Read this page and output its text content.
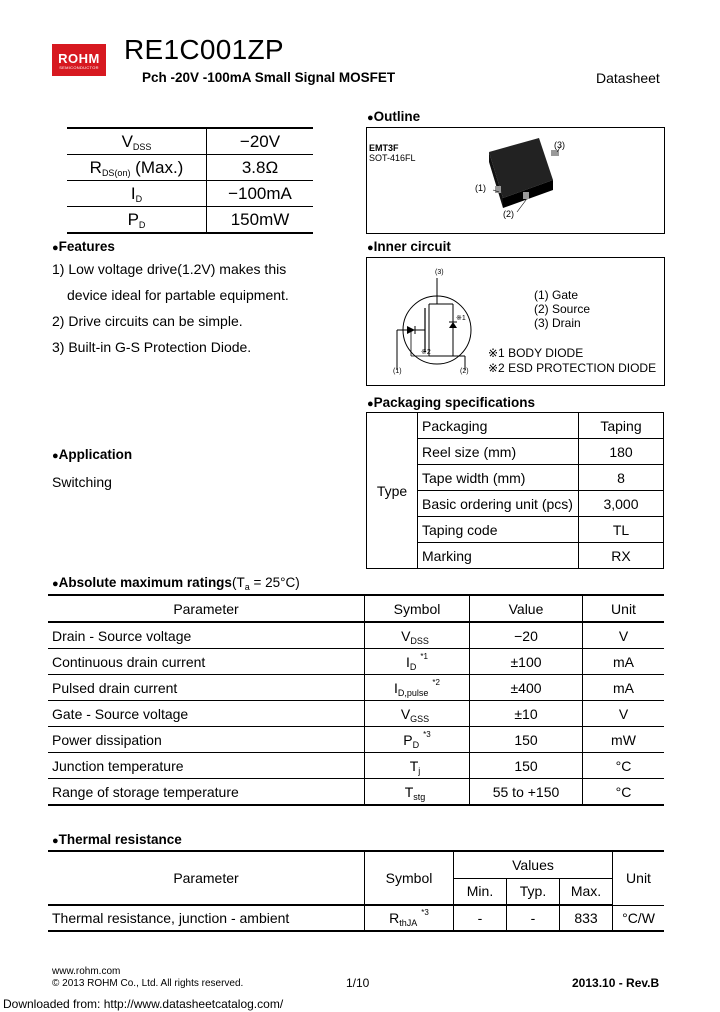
ROHM
SEMICONDUCTOR
RE1C001ZP
Pch -20V -100mA Small Signal MOSFET	Datasheet
$V_{DSS}$	−20V
$R_{DS(on)}$ (Max.)	3.8Ω
$I_D$	−100mA
$P_D$	150mW
●Features
1) Low voltage drive(1.2V) makes this
device ideal for partable equipment.
2) Drive circuits can be simple.
3) Built-in G-S Protection Diode.
●Application
Switching
●Outline
EMT3F
SOT-416FL
(3)
(1)
(2)
●Inner circuit
(3)
(1)	(2)
※1
※2
(1) Gate
(2) Source
(3) Drain
※1 BODY DIODE
※2 ESD PROTECTION DIODE
●Packaging specifications
Type	Packaging	Taping
	Reel size (mm)	180
	Tape width (mm)	8
	Basic ordering unit (pcs)	3,000
	Taping code	TL
	Marking	RX
●Absolute maximum $ratings(T_a = 25^\circ C)$
Parameter	Symbol	Value	Unit
Drain - Source voltage	$V_{DSS}$	−20	V
Continuous drain current	$I_D^{*1}$	±100	mA
Pulsed drain current	$I_{D,pulse}^{*2}$	±400	mA
Gate - Source voltage	$V_{GSS}$	±10	V
Power dissipation	$P_D^{*3}$	150	mW
Junction temperature	$T_j$	150	°C
Range of storage temperature	$T_{stg}$	55 to +150	°C
●Thermal resistance
Parameter	Symbol	Values			Unit
		Min.	Typ.	Max.	
Thermal resistance, junction - ambient	$R_{thJA}^{*3}$	-	-	833	°C/W
www.rohm.com
© 2013 ROHM Co., Ltd. All rights reserved.	1/10	2013.10 - Rev.B
Downloaded from: http://www.datasheetcatalog.com/
